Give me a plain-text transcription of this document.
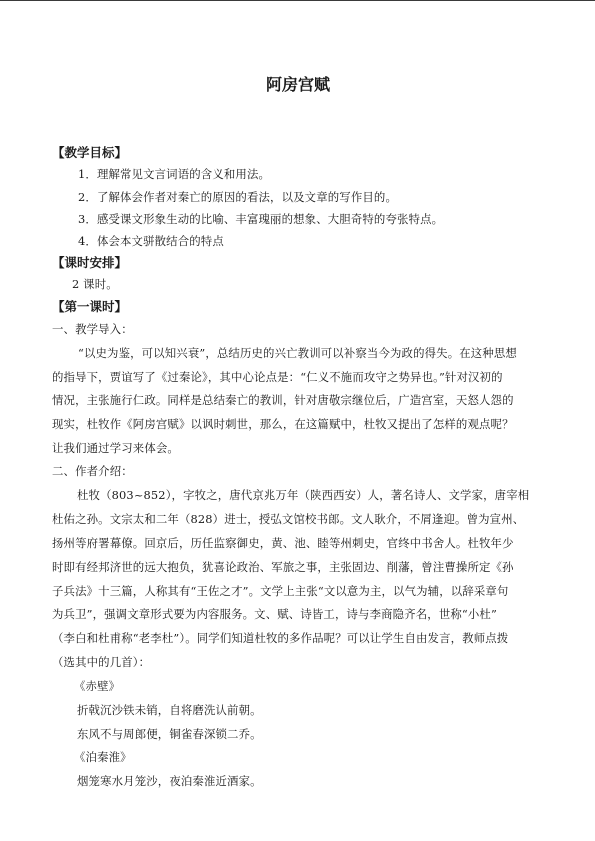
阿房宫赋
【教学目标】
1．理解常见文言词语的含义和用法。
2．了解体会作者对秦亡的原因的看法，以及文章的写作目的。
3．感受课文形象生动的比喻、丰富瑰丽的想象、大胆奇特的夸张特点。
4．体会本文骈散结合的特点
【课时安排】
2 课时。
【第一课时】
一、教学导入：
“以史为鉴，可以知兴衰”，总结历史的兴亡教训可以补察当今为政的得失。在这种思想
的指导下，贾谊写了《过秦论》，其中心论点是：“仁义不施而攻守之势异也。”针对汉初的
情况，主张施行仁政。同样是总结秦亡的教训，针对唐敬宗继位后，广造宫室，天怒人怨的
现实，杜牧作《阿房宫赋》以讽时刺世，那么，在这篇赋中，杜牧又提出了怎样的观点呢？
让我们通过学习来体会。
二、作者介绍：
杜牧（803~852），字牧之，唐代京兆万年（陕西西安）人，著名诗人、文学家，唐宰相
杜佑之孙。文宗太和二年（828）进士，授弘文馆校书郎。文人耿介，不屑逢迎。曾为宣州、
扬州等府署幕僚。回京后，历任监察御史，黄、池、睦等州刺史，官终中书舍人。杜牧年少
时即有经邦济世的远大抱负，犹喜论政治、军旅之事，主张固边、削藩，曾注曹操所定《孙
子兵法》十三篇，人称其有“王佐之才”。文学上主张“文以意为主，以气为辅，以辞采章句
为兵卫”，强调文章形式要为内容服务。文、赋、诗皆工，诗与李商隐齐名，世称“小杜”
（李白和杜甫称“老李杜”）。同学们知道杜牧的多作品呢？可以让学生自由发言，教师点拨
（选其中的几首）：
《赤壁》
折戟沉沙铁未销，自将磨洗认前朝。
东风不与周郎便，铜雀春深锁二乔。
《泊秦淮》
烟笼寒水月笼沙，夜泊秦淮近酒家。
